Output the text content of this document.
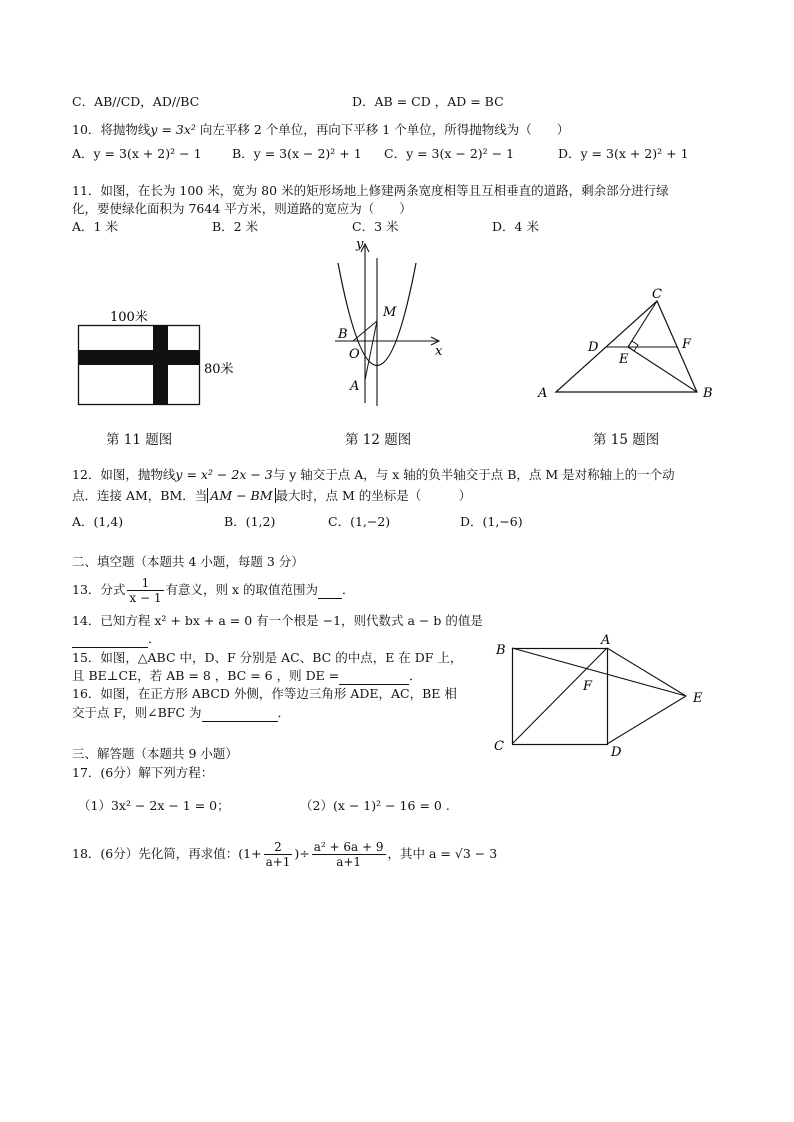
C．AB//CD，AD//BC	D．AB = CD ，AD = BC
10．将抛物线y = 3x² 向左平移 2 个单位，再向下平移 1 个单位，所得抛物线为（　　）
A．y = 3(x + 2)² − 1 B．y = 3(x − 2)² + 1 C．y = 3(x − 2)² − 1	D．y = 3(x + 2)² + 1
11．如图，在长为 100 米，宽为 80 米的矩形场地上修建两条宽度相等且互相垂直的道路，剩余部分进行绿
化，要使绿化面积为 7644 平方米，则道路的宽应为（　　）
A．1 米	B．2 米	C．3 米	D．4 米
100米
80米
第 11 题图
B
M
O
A
y
x
第 12 题图
C
D
E
F
A	B
第 15 题图
12．如图，抛物线y = x² − 2x − 3与 y 轴交于点 A，与 x 轴的负半轴交于点 B，点 M 是对称轴上的一个动
点．连接 AM，BM．当 AM − BM 最大时，点 M 的坐标是（　　　）
A．(1,4)	B．(1,2)	C．(1,−2)	D．(1,−6)
二、填空题（本题共 4 小题，每题 3 分）
13．分式 $\frac{1}{x - 1}$ 有意义，则 x 的取值范围为 ．
14．已知方程 x² + bx + a = 0 有一个根是 −1，则代数式 a − b 的值是
．
15．如图，△ABC 中，D、F 分别是 AC、BC 的中点，E 在 DF 上，
且 BE⊥CE，若 AB = 8 ，BC = 6 ，则 DE =	．
16．如图，在正方形 ABCD 外侧，作等边三角形 ADE，AC，BE 相
交于点 F，则∠BFC 为	．
B
A
F
E
C	D
三、解答题（本题共 9 小题）
17．(6分）解下列方程：
（1）3x² − 2x − 1 = 0；	（2）(x − 1)² − 16 = 0 .
18．(6分）先化简，再求值：($1+ \frac{2}{a+1}$ )÷ $\frac{\text{a² + 6a + 9}}{a+1}$ ，其中 a = √3 − 3
